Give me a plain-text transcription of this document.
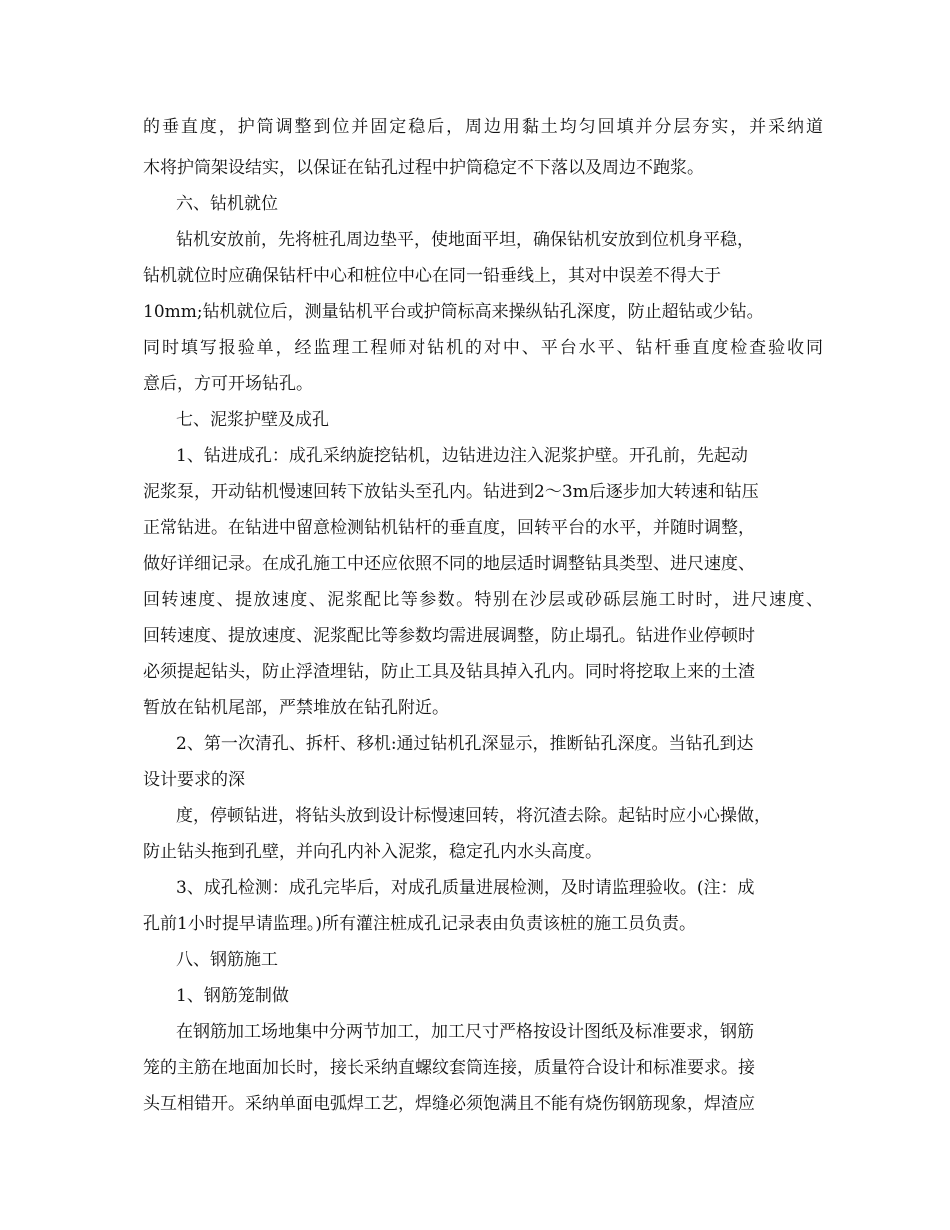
的垂直度，护筒调整到位并固定稳后，周边用黏土均匀回填并分层夯实，并采纳道
木将护筒架设结实，以保证在钻孔过程中护筒稳定不下落以及周边不跑浆。
六、钻机就位
钻机安放前，先将桩孔周边垫平，使地面平坦，确保钻机安放到位机身平稳，
钻机就位时应确保钻杆中心和桩位中心在同一铅垂线上，其对中误差不得大于
10mm;钻机就位后，测量钻机平台或护筒标高来操纵钻孔深度，防止超钻或少钻。
同时填写报验单，经监理工程师对钻机的对中、平台水平、钻杆垂直度检查验收同
意后，方可开场钻孔。
七、泥浆护壁及成孔
1、钻进成孔：成孔采纳旋挖钻机，边钻进边注入泥浆护壁。开孔前，先起动
泥浆泵，开动钻机慢速回转下放钻头至孔内。钻进到2～3m后逐步加大转速和钻压
正常钻进。在钻进中留意检测钻机钻杆的垂直度，回转平台的水平，并随时调整，
做好详细记录。在成孔施工中还应依照不同的地层适时调整钻具类型、进尺速度、
回转速度、提放速度、泥浆配比等参数。特别在沙层或砂砾层施工时时，进尺速度、
回转速度、提放速度、泥浆配比等参数均需进展调整，防止塌孔。钻进作业停顿时
必须提起钻头，防止浮渣埋钻，防止工具及钻具掉入孔内。同时将挖取上来的土渣
暂放在钻机尾部，严禁堆放在钻孔附近。
2、第一次清孔、拆杆、移机:通过钻机孔深显示，推断钻孔深度。当钻孔到达
设计要求的深
度，停顿钻进，将钻头放到设计标慢速回转，将沉渣去除。起钻时应小心操做，
防止钻头拖到孔壁，并向孔内补入泥浆，稳定孔内水头高度。
3、成孔检测：成孔完毕后，对成孔质量进展检测，及时请监理验收。(注：成
孔前1小时提早请监理。)所有灌注桩成孔记录表由负责该桩的施工员负责。
八、钢筋施工
1、钢筋笼制做
在钢筋加工场地集中分两节加工，加工尺寸严格按设计图纸及标准要求，钢筋
笼的主筋在地面加长时，接长采纳直螺纹套筒连接，质量符合设计和标准要求。接
头互相错开。采纳单面电弧焊工艺，焊缝必须饱满且不能有烧伤钢筋现象，焊渣应
